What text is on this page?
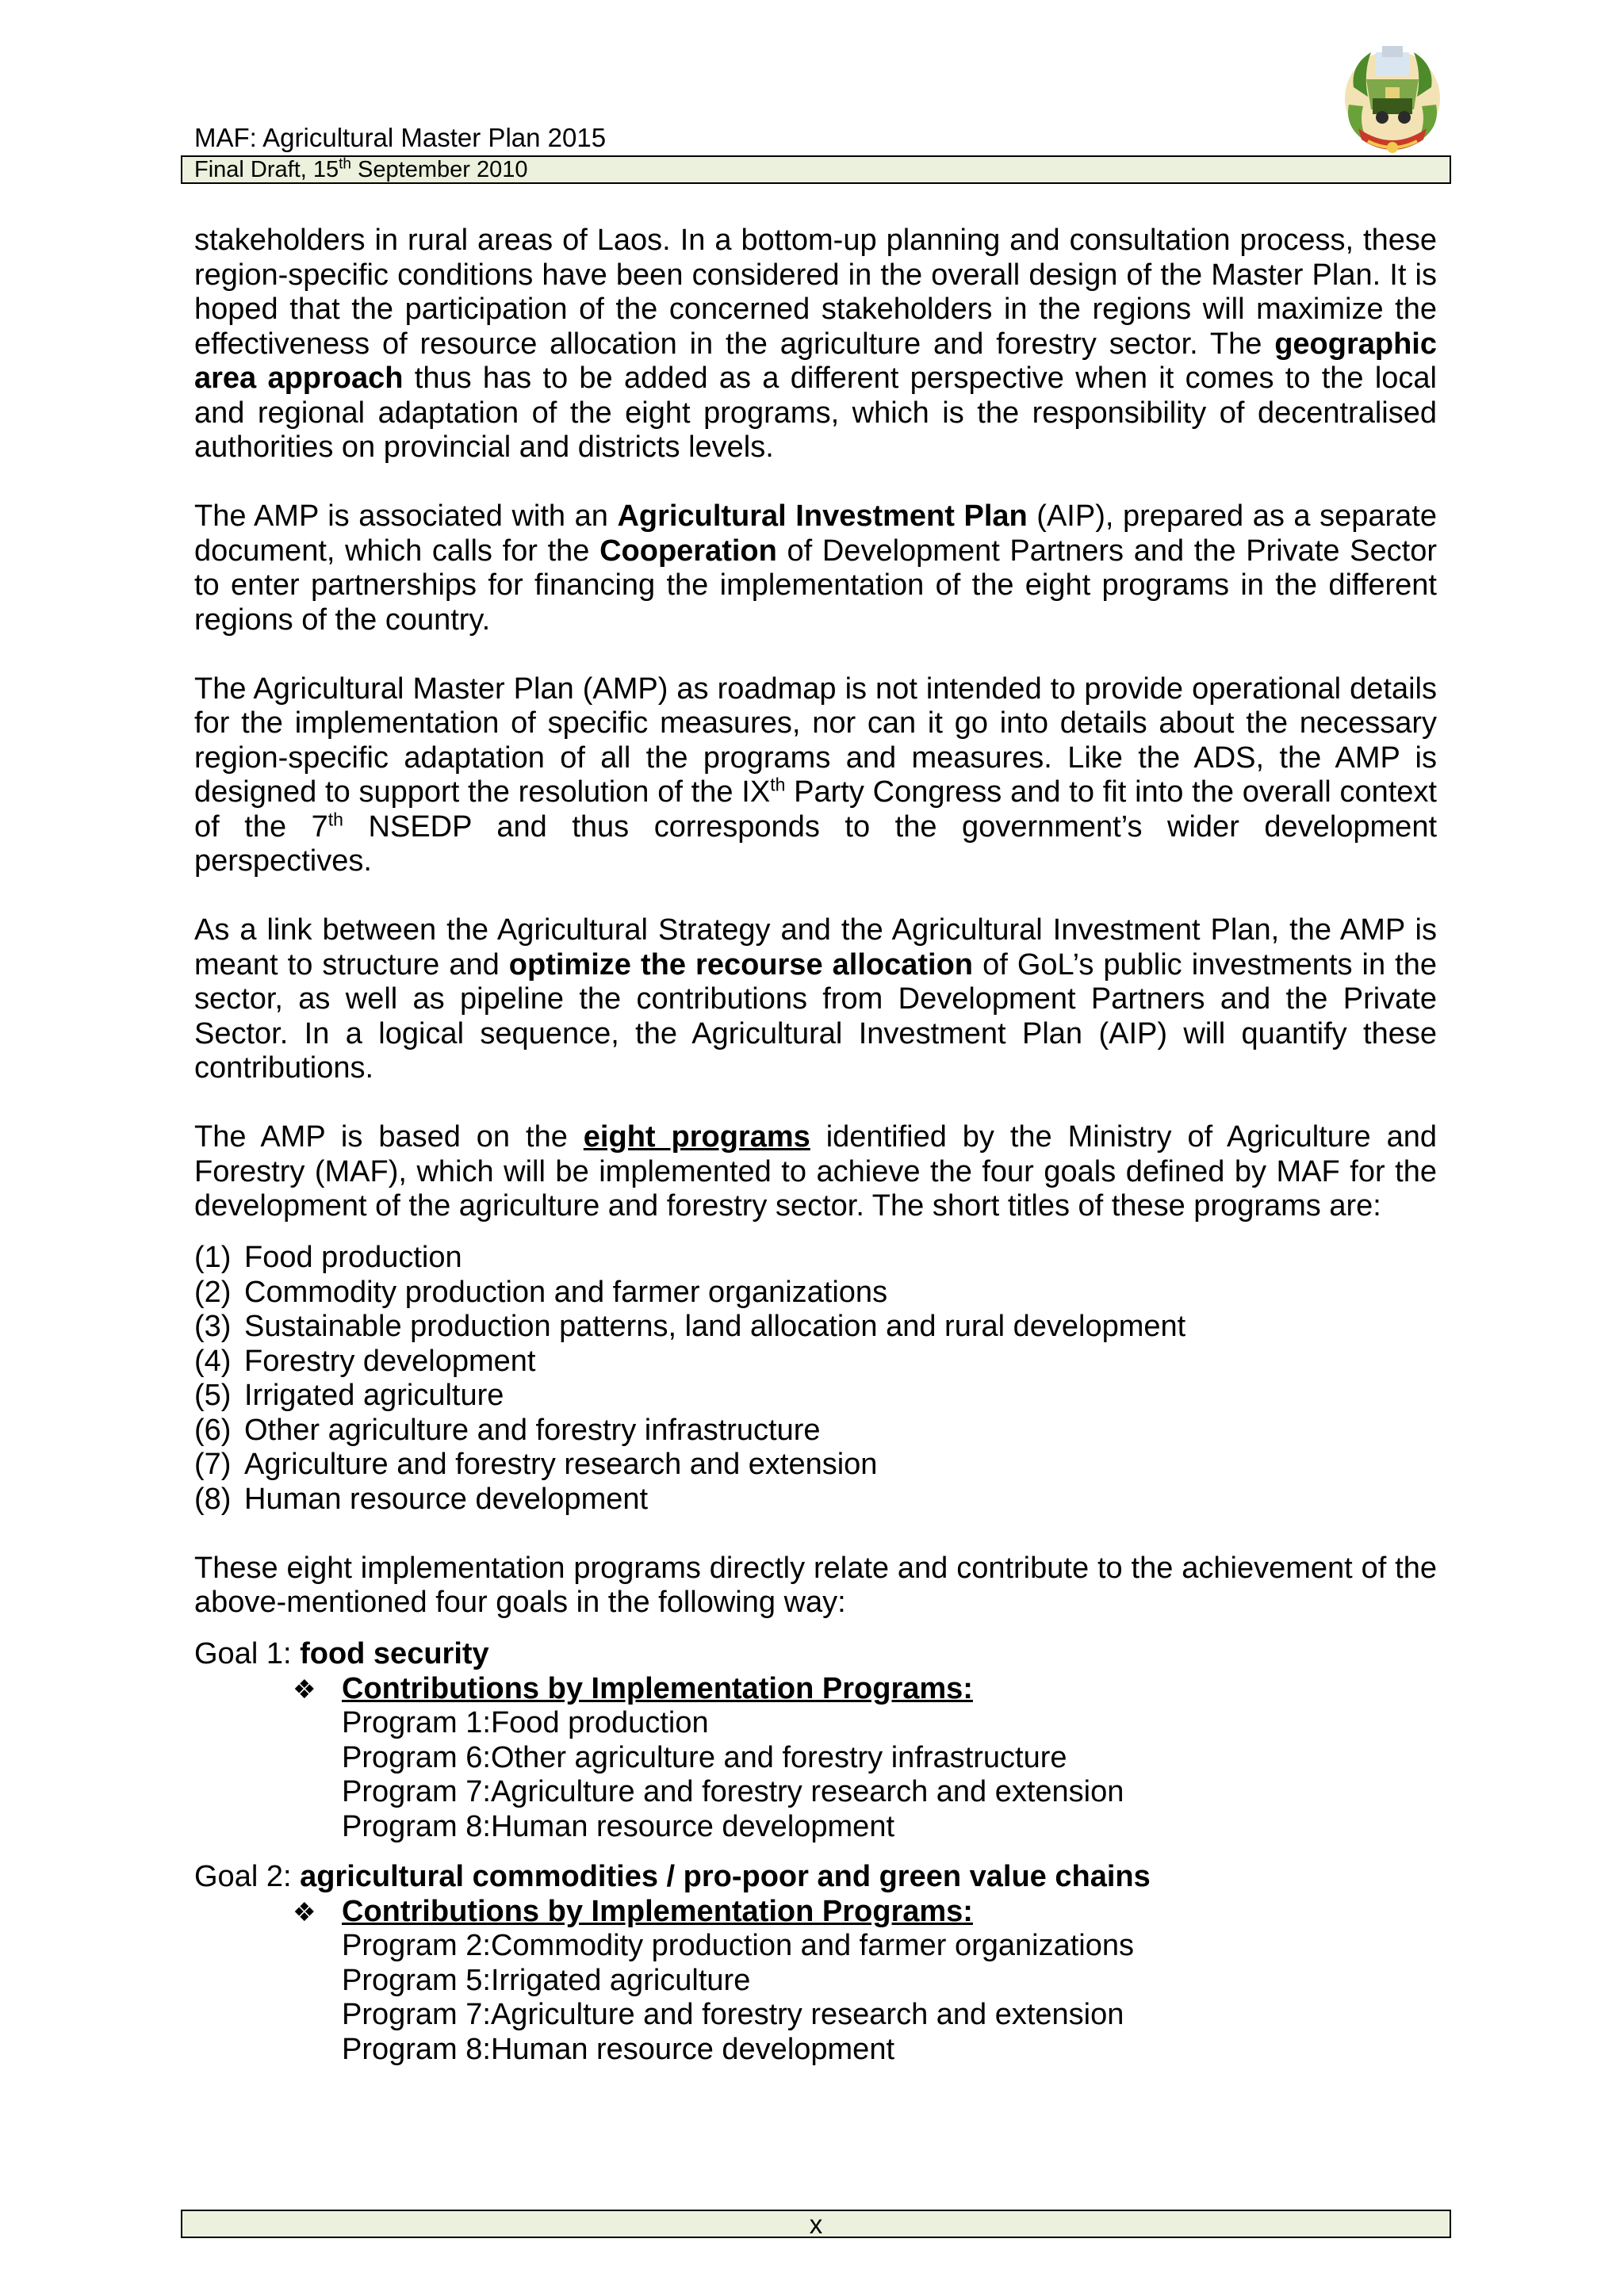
MAF: Agricultural Master Plan 2015
Final Draft, 15th September 2010

stakeholders in rural areas of Laos. In a bottom-up planning and consultation process, these region-specific conditions have been considered in the overall design of the Master Plan. It is hoped that the participation of the concerned stakeholders in the regions will maximize the effectiveness of resource allocation in the agriculture and forestry sector. The geographic area approach thus has to be added as a different perspective when it comes to the local and regional adaptation of the eight programs, which is the responsibility of decentralised authorities on provincial and districts levels.

The AMP is associated with an Agricultural Investment Plan (AIP), prepared as a separate document, which calls for the Cooperation of Development Partners and the Private Sector to enter partnerships for financing the implementation of the eight programs in the different regions of the country.

The Agricultural Master Plan (AMP) as roadmap is not intended to provide operational details for the implementation of specific measures, nor can it go into details about the necessary region-specific adaptation of all the programs and measures. Like the ADS, the AMP is designed to support the resolution of the IXth Party Congress and to fit into the overall context of the 7th NSEDP and thus corresponds to the government’s wider development perspectives.

As a link between the Agricultural Strategy and the Agricultural Investment Plan, the AMP is meant to structure and optimize the recourse allocation of GoL’s public investments in the sector, as well as pipeline the contributions from Development Partners and the Private Sector. In a logical sequence, the Agricultural Investment Plan (AIP) will quantify these contributions.

The AMP is based on the eight programs identified by the Ministry of Agriculture and Forestry (MAF), which will be implemented to achieve the four goals defined by MAF for the development of the agriculture and forestry sector. The short titles of these programs are:

(1) Food production
(2) Commodity production and farmer organizations
(3) Sustainable production patterns, land allocation and rural development
(4) Forestry development
(5) Irrigated agriculture
(6) Other agriculture and forestry infrastructure
(7) Agriculture and forestry research and extension
(8) Human resource development

These eight implementation programs directly relate and contribute to the achievement of the above-mentioned four goals in the following way:

Goal 1: food security
❖ Contributions by Implementation Programs:
Program 1:Food production
Program 6:Other agriculture and forestry infrastructure
Program 7:Agriculture and forestry research and extension
Program 8:Human resource development
Goal 2: agricultural commodities / pro-poor and green value chains
❖ Contributions by Implementation Programs:
Program 2:Commodity production and farmer organizations
Program 5:Irrigated agriculture
Program 7:Agriculture and forestry research and extension
Program 8:Human resource development
x
